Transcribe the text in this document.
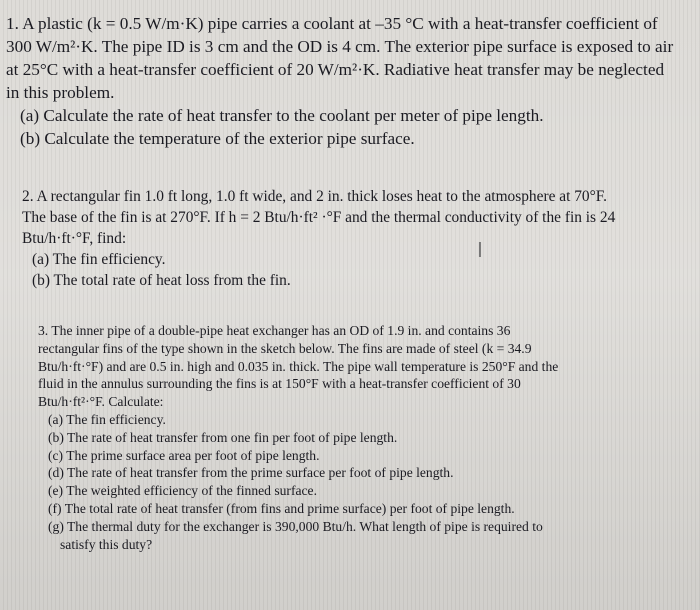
1. A plastic (k = 0.5 W/m·K) pipe carries a coolant at –35 °C with a heat-transfer coefficient of
300 W/m²·K. The pipe ID is 3 cm and the OD is 4 cm. The exterior pipe surface is exposed to air
at 25°C with a heat-transfer coefficient of 20 W/m²·K. Radiative heat transfer may be neglected
in this problem.
(a) Calculate the rate of heat transfer to the coolant per meter of pipe length.
(b) Calculate the temperature of the exterior pipe surface.
2. A rectangular fin 1.0 ft long, 1.0 ft wide, and 2 in. thick loses heat to the atmosphere at 70°F.
The base of the fin is at 270°F. If h = 2 Btu/h·ft² ·°F and the thermal conductivity of the fin is 24
Btu/h·ft·°F, find:
(a) The fin efficiency.
(b) The total rate of heat loss from the fin.
3. The inner pipe of a double-pipe heat exchanger has an OD of 1.9 in. and contains 36
rectangular fins of the type shown in the sketch below. The fins are made of steel (k = 34.9
Btu/h·ft·°F) and are 0.5 in. high and 0.035 in. thick. The pipe wall temperature is 250°F and the
fluid in the annulus surrounding the fins is at 150°F with a heat-transfer coefficient of 30
Btu/h·ft²·°F. Calculate:
(a) The fin efficiency.
(b) The rate of heat transfer from one fin per foot of pipe length.
(c) The prime surface area per foot of pipe length.
(d) The rate of heat transfer from the prime surface per foot of pipe length.
(e) The weighted efficiency of the finned surface.
(f) The total rate of heat transfer (from fins and prime surface) per foot of pipe length.
(g) The thermal duty for the exchanger is 390,000 Btu/h. What length of pipe is required to
satisfy this duty?
I
